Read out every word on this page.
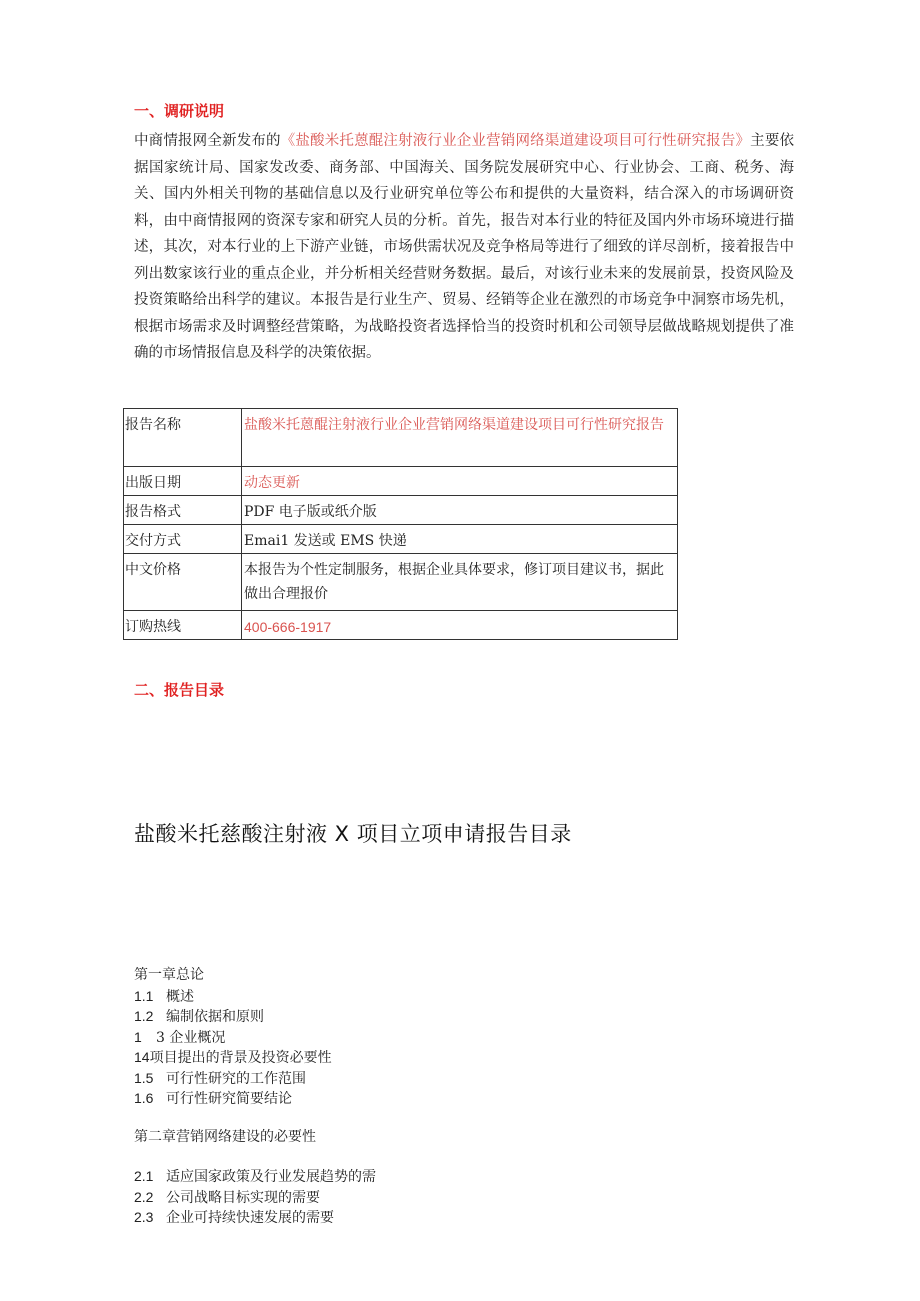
一、调研说明
中商情报网全新发布的《盐酸米托蒽醌注射液行业企业营销网络渠道建设项目可行性研究报告》主要依据国家统计局、国家发改委、商务部、中国海关、国务院发展研究中心、行业协会、工商、税务、海关、国内外相关刊物的基础信息以及行业研究单位等公布和提供的大量资料，结合深入的市场调研资料，由中商情报网的资深专家和研究人员的分析。首先，报告对本行业的特征及国内外市场环境进行描述，其次，对本行业的上下游产业链，市场供需状况及竞争格局等进行了细致的详尽剖析，接着报告中列出数家该行业的重点企业，并分析相关经营财务数据。最后，对该行业未来的发展前景，投资风险及投资策略给出科学的建议。本报告是行业生产、贸易、经销等企业在激烈的市场竞争中洞察市场先机，根据市场需求及时调整经营策略，为战略投资者选择恰当的投资时机和公司领导层做战略规划提供了准确的市场情报信息及科学的决策依据。
报告名称	盐酸米托蒽醌注射液行业企业营销网络渠道建设项目可行性研究报告
出版日期	动态更新
报告格式	PDF 电子版或纸介版
交付方式	Emai1 发送或 EMS 快递
中文价格	本报告为个性定制服务，根据企业具体要求，修订项目建议书，据此做出合理报价
订购热线	400-666-1917
二、报告目录
盐酸米托慈酸注射液 X 项目立项申请报告目录
第一章总论
1.1 概述
1.2 编制依据和原则
1 3 企业概况
14项目提出的背景及投资必要性
1.5 可行性研究的工作范围
1.6 可行性研究简要结论
第二章营销网络建设的必要性
2.1 适应国家政策及行业发展趋势的需
2.2 公司战略目标实现的需要
2.3 企业可持续快速发展的需要
